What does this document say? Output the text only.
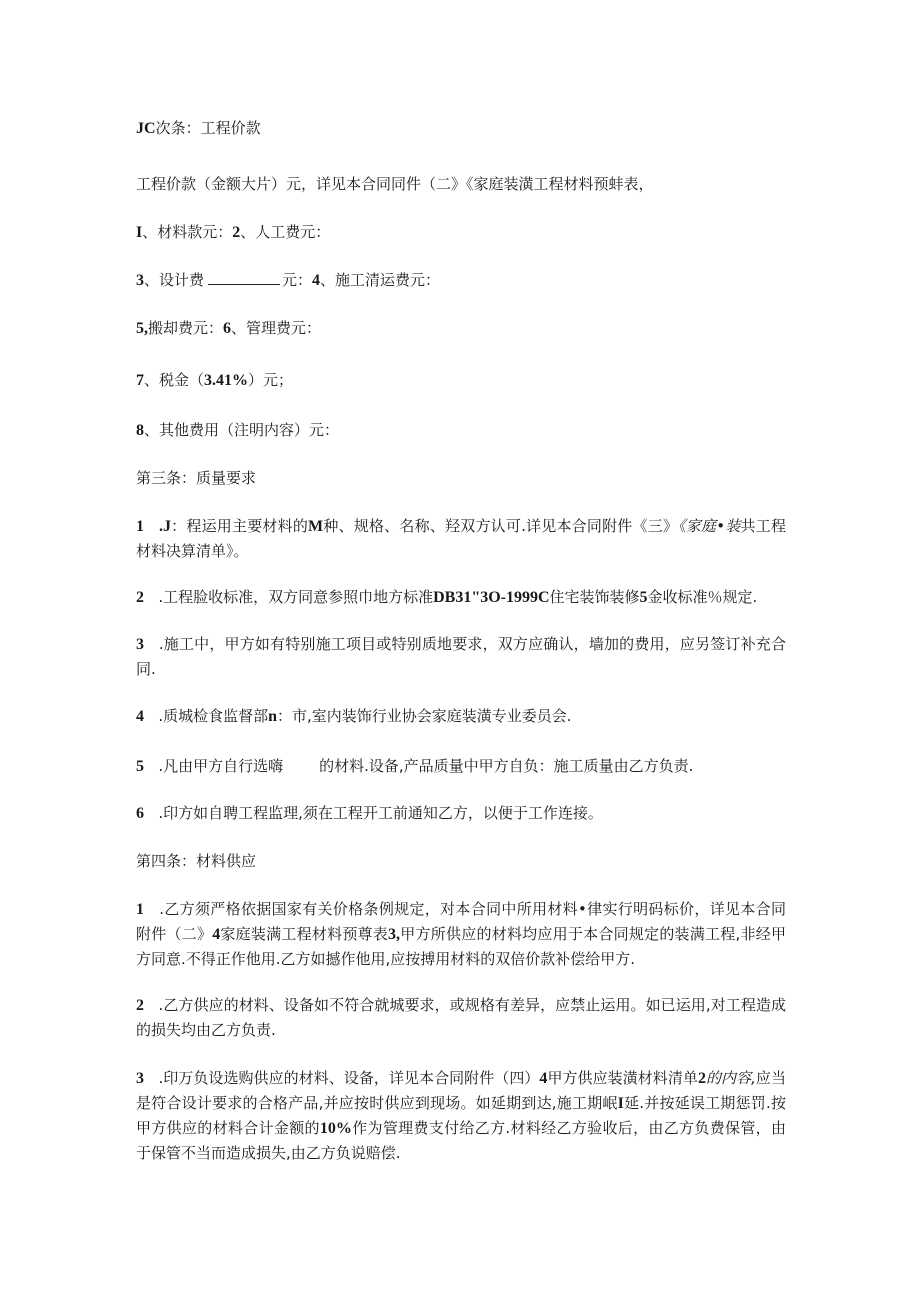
JC次条：工程价款
工程价款（金额大片）元，详见本合同同件（二》《家庭装潢工程材料预蚌表，
I、材料款元：2、人工费元：
3、设计费	元：4、施工清运费元：
5,搬却费元：6、管理费元：
7、税金（3.41%）元；
8、其他费用（注明内容）元：
第三条：质量要求
1 .J：程运用主要材料的M种、规格、名称、羟双方认可.详见本合同附件《三》《家庭•装共工程材料决算清单》。
2 .工程脸收标准，双方同意参照巾地方标准DB31"3O-1999C住宅装饰装修5金收标准％规定.
3 .施工中，甲方如有特别施工项目或特别质地要求，双方应确认，墙加的费用，应另签订补充合同.
4 .质城检食监督部n：市,室内装饰行业协会家庭装潢专业委员会.
5 .凡由甲方自行选嗨 的材料.设备,产品质量中甲方自负：施工质量由乙方负责.
6 .印方如自聘工程监理,须在工程开工前通知乙方，以便于工作连接。
第四条：材料供应
1 .乙方须严格依据国家有关价格条例规定，对本合同中所用材料•律实行明码标价，详见本合同附件（二》4家庭装满工程材料预尊表3,甲方所供应的材料均应用于本合同规定的装满工程,非经甲方同意.不得正作他用.乙方如撼作他用,应按搏用材料的双倍价款补偿给甲方.
2 .乙方供应的材料、设备如不符合就城要求，或规格有差异，应禁止运用。如已运用,对工程造成的损失均由乙方负责.
3 .印万负设选购供应的材料、设备，详见本合同附件（四）4甲方供应装潢材料清单2的内容,应当是符合设计要求的合格产品,并应按时供应到现场。如延期到达,施工期岷I延.并按延误工期惩罚.按甲方供应的材料合计金额的10%作为管理费支付给乙方.材料经乙方验收后，由乙方负费保管，由于保管不当而造成损失,由乙方负说赔偿.
